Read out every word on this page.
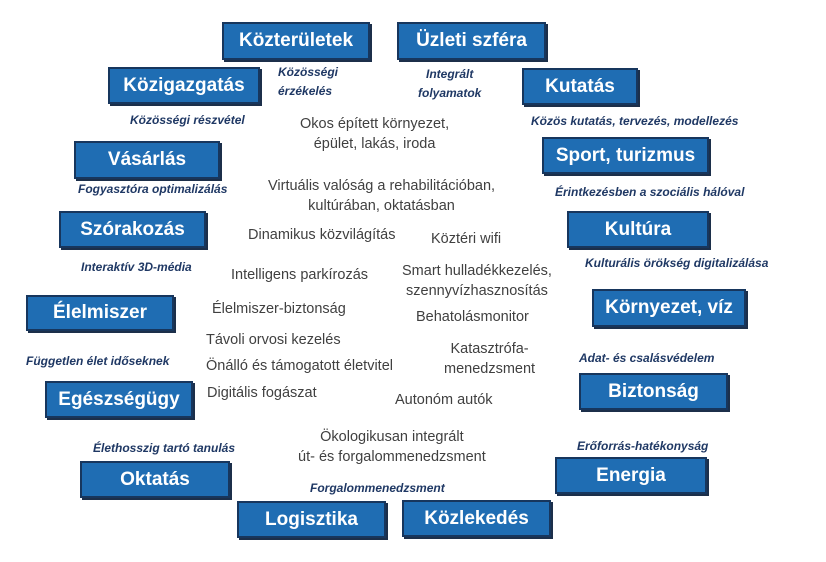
Közterületek	Üzleti szféra
Közigazgatás	Kutatás
Vásárlás	Sport, turizmus
Szórakozás	Kultúra
Élelmiszer	Környezet, víz
Egészségügy	Biztonság
Oktatás	Energia
Logisztika	Közlekedés
Közösségi
érzékelés
Integrált
folyamatok
Közösségi részvétel	Közös kutatás, tervezés, modellezés
Fogyasztóra optimalizálás	Érintkezésben a szociális hálóval
Interaktív 3D-média	Kulturális örökség digitalizálása
Független élet időseknek	Adat- és csalásvédelem
Élethosszig tartó tanulás	Erőforrás-hatékonyság
Forgalommenedzsment
Okos épített környezet,
épület, lakás, iroda
Virtuális valóság a rehabilitációban,
kultúrában, oktatásban
Dinamikus közvilágítás Köztéri wifi
Intelligens parkírozás Smart hulladékkezelés,
szennyvízhasznosítás
Élelmiszer-biztonság	Behatolásmonitor
Távoli orvosi kezelés
Katasztrófa-
menedzsment
Önálló és támogatott életvitel
Digitális fogászat	Autonóm autók
Ökologikusan integrált
út- és forgalommenedzsment
